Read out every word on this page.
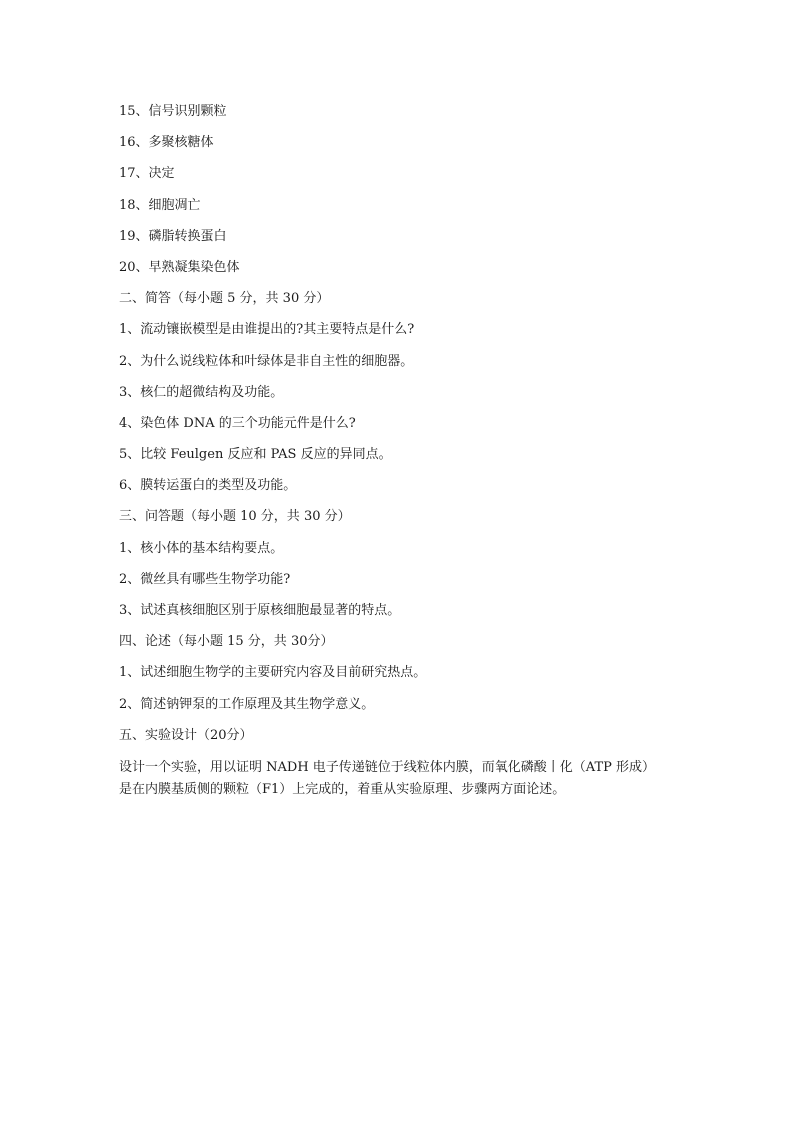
15、信号识别颗粒
16、多聚核糖体
17、决定
18、细胞凋亡
19、磷脂转换蛋白
20、早熟凝集染色体
二、简答（每小题 5 分，共 30 分）
1、流动镶嵌模型是由谁提出的?其主要特点是什么?
2、为什么说线粒体和叶绿体是非自主性的细胞器。
3、核仁的超微结构及功能。
4、染色体 DNA 的三个功能元件是什么?
5、比较 Feulgen 反应和 PAS 反应的异同点。
6、膜转运蛋白的类型及功能。
三、问答题（每小题 10 分，共 30 分）
1、核小体的基本结构要点。
2、微丝具有哪些生物学功能?
3、试述真核细胞区别于原核细胞最显著的特点。
四、论述（每小题 15 分，共 30分）
1、试述细胞生物学的主要研究内容及目前研究热点。
2、简述钠钾泵的工作原理及其生物学意义。
五、实验设计（20分）

设计一个实验，用以证明 NADH 电子传递链位于线粒体内膜，而氧化磷酸丨化（ATP 形成）

是在内膜基质侧的颗粒（F1）上完成的，着重从实验原理、步骤两方面论述。
